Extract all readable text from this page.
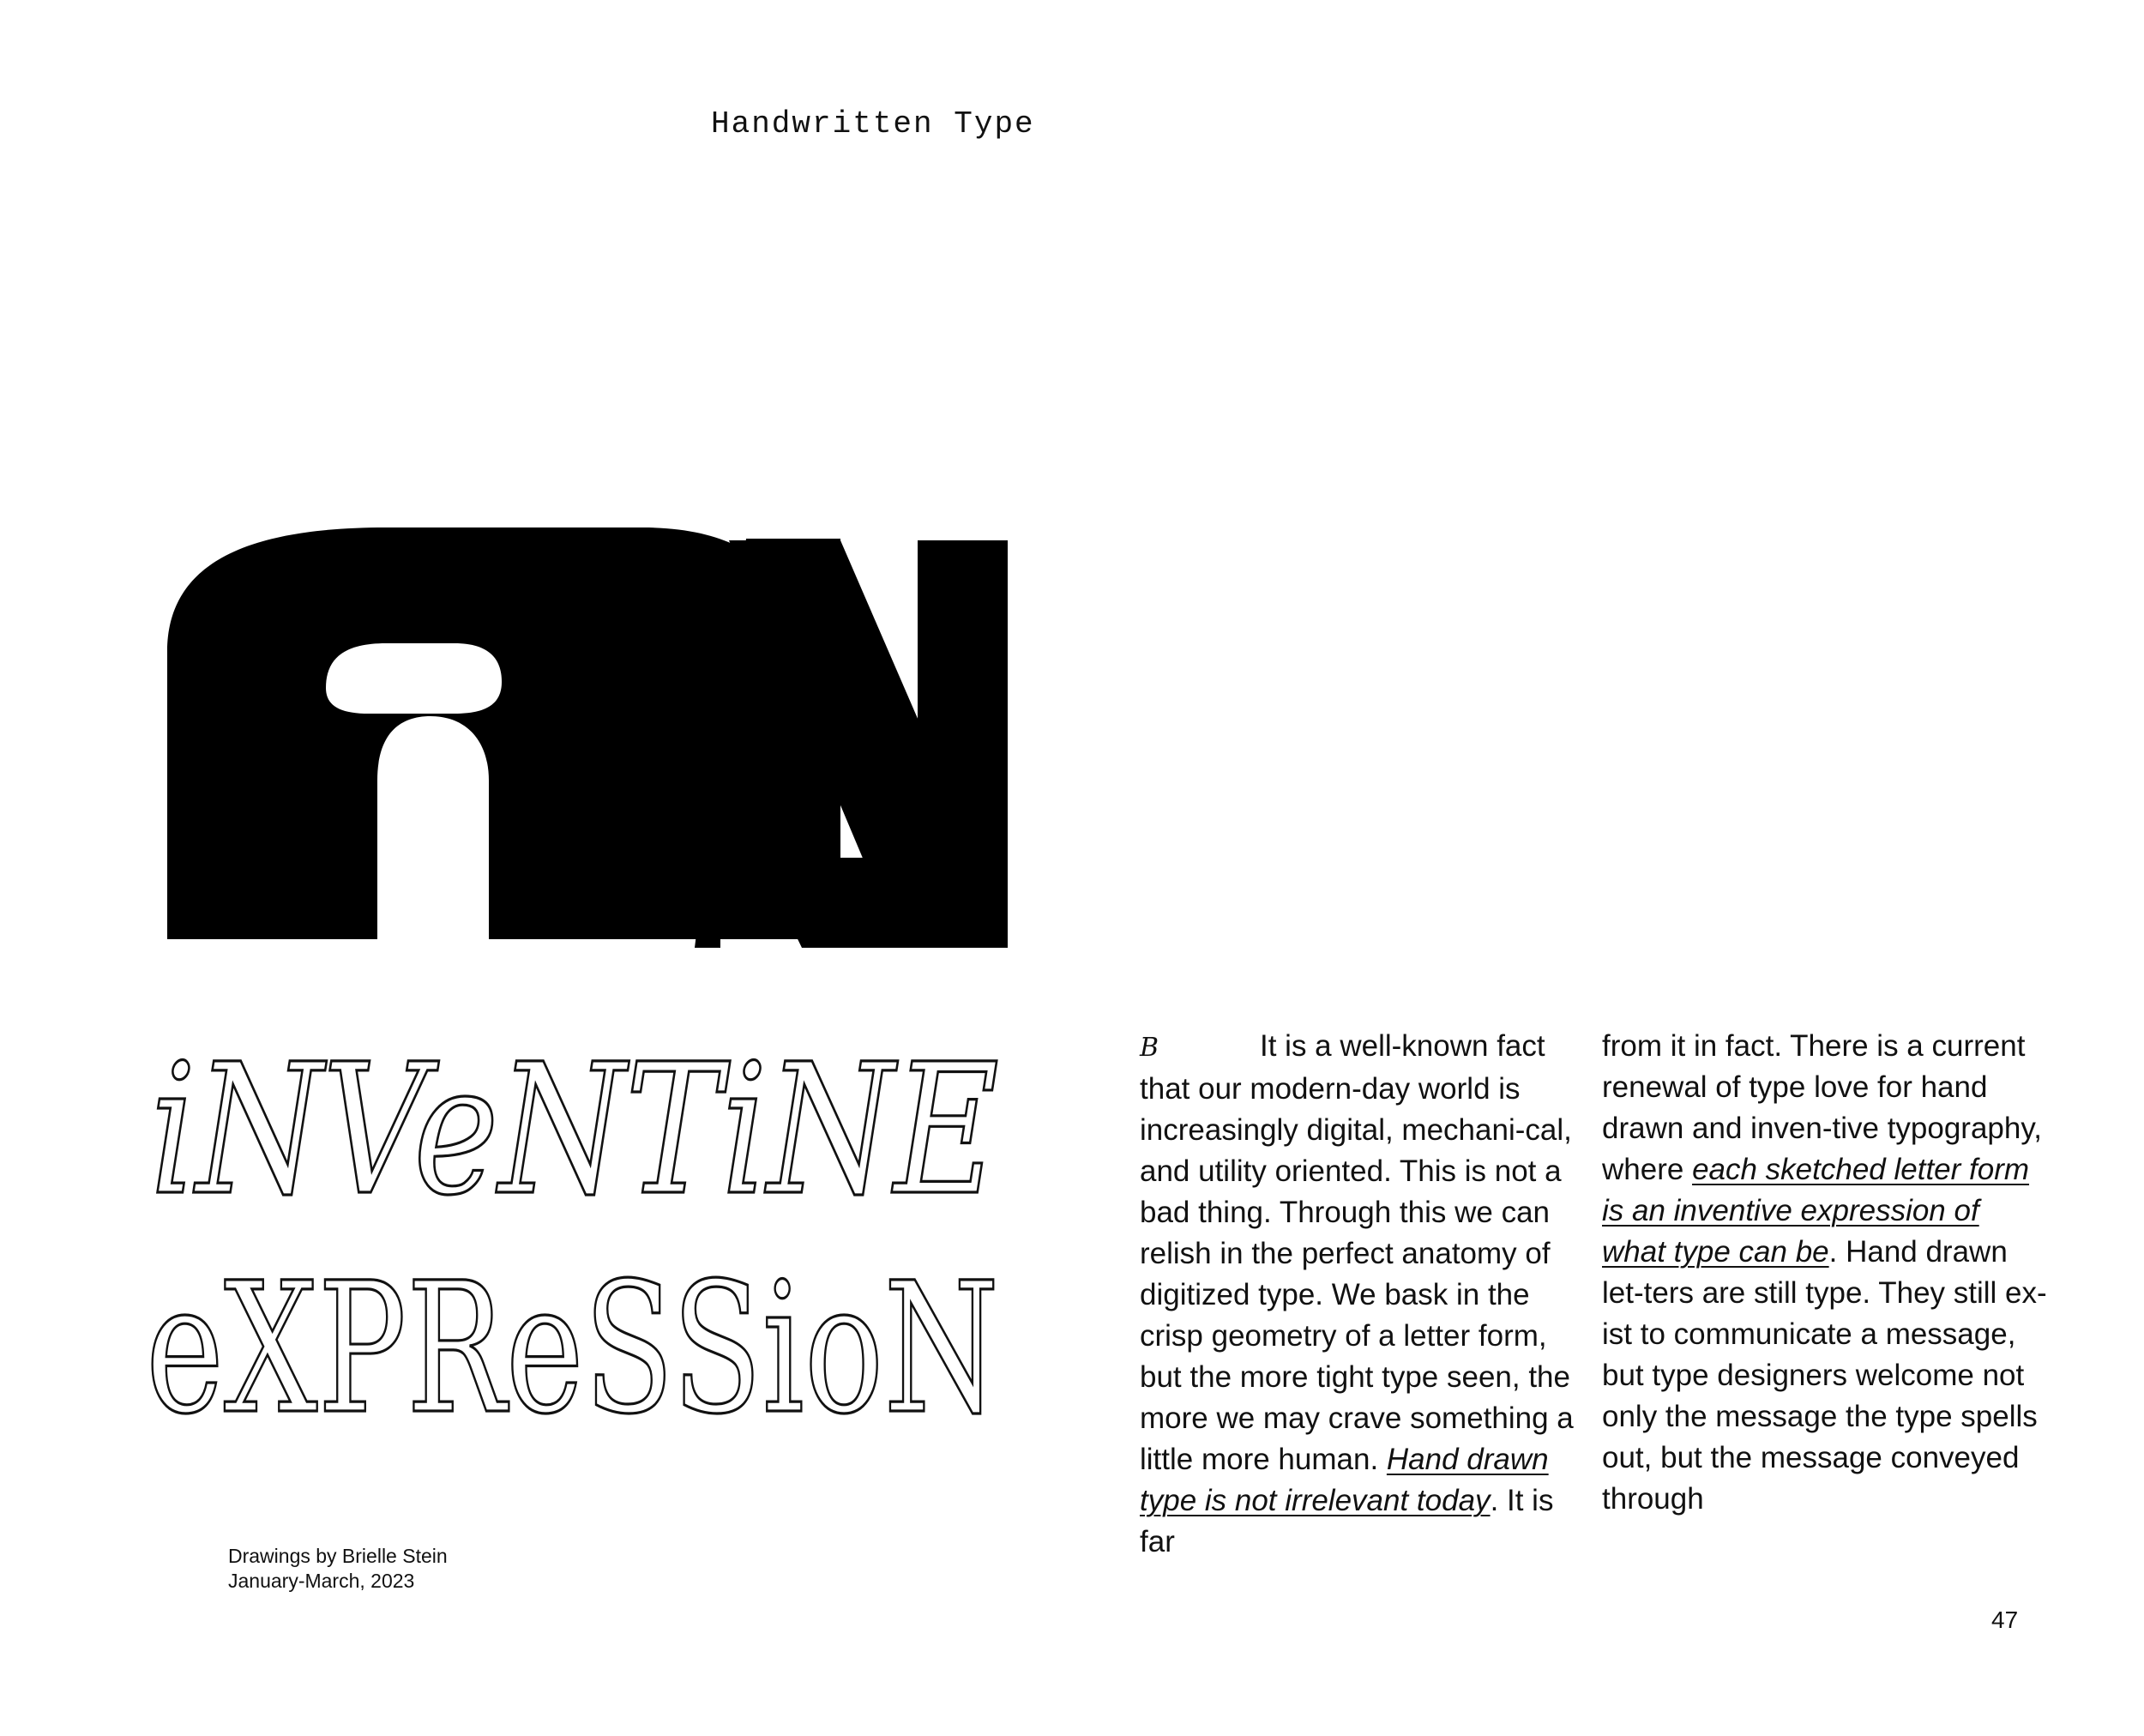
Handwritten Type
iNVeNTiNE
eXPReSSioN
Drawings by Brielle Stein
January-March, 2023

B	It is a well-known fact that our modern-day world is increasingly digital, mechani-cal, and utility oriented. This is not a bad thing. Through this we can relish in the perfect anatomy of digitized type. We bask in the crisp geometry of a letter form, but the more tight type seen, the more we may crave something a little more human. Hand drawn type is not irrelevant today. It is far

from it in fact. There is a current renewal of type love for hand drawn and inven-tive typography, where each sketched letter form is an inventive expression of what type can be. Hand drawn let-ters are still type. They still ex-ist to communicate a message, but type designers welcome not only the message the type spells out, but the message conveyed through

47
